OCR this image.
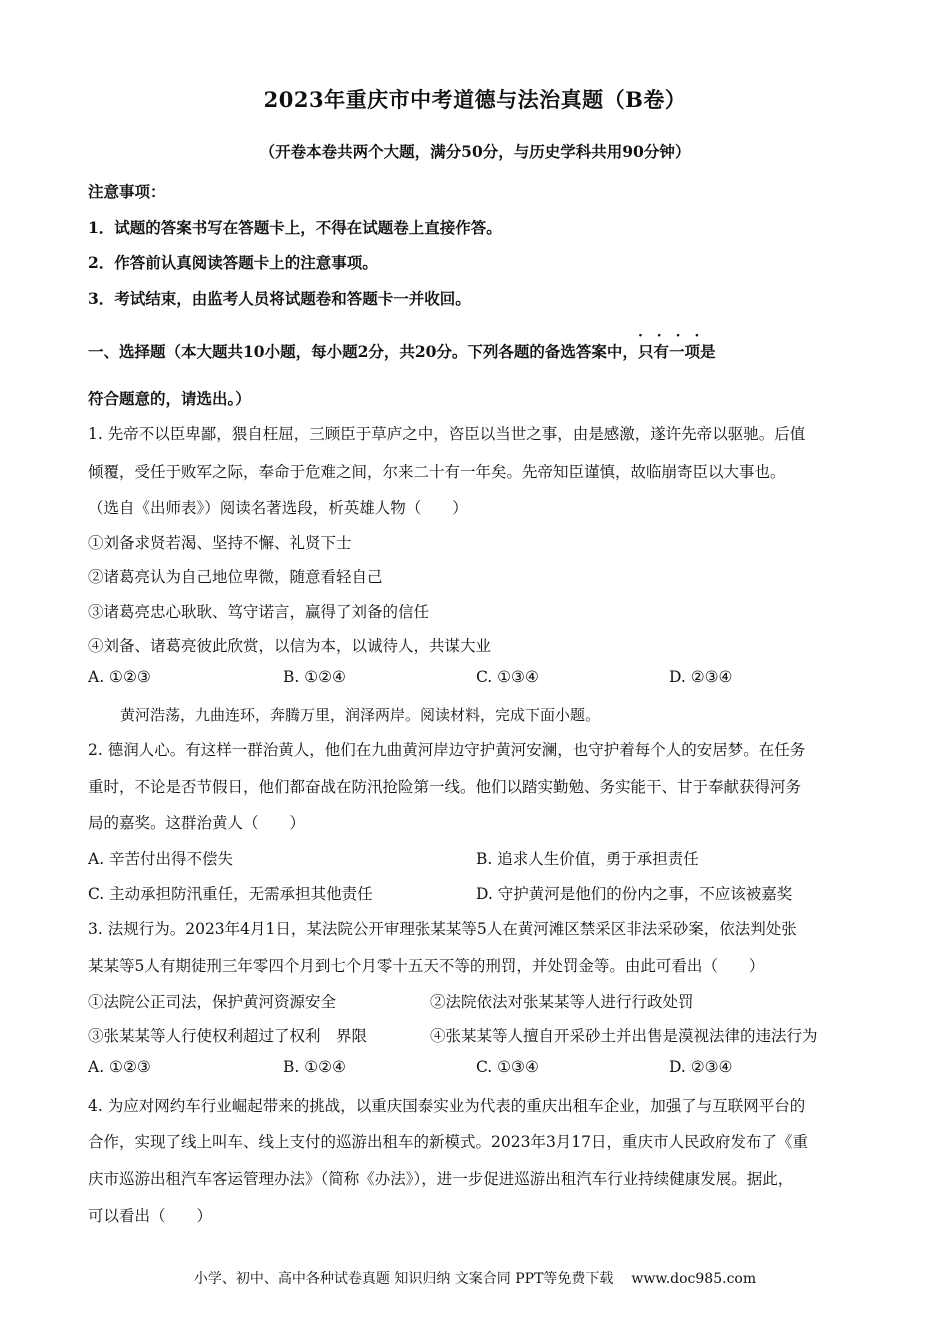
2023年重庆市中考道德与法治真题（B卷）
（开卷本卷共两个大题，满分50分，与历史学科共用90分钟）
注意事项：
1．试题的答案书写在答题卡上，不得在试题卷上直接作答。
2．作答前认真阅读答题卡上的注意事项。
3．考试结束，由监考人员将试题卷和答题卡一并收回。
一、选择题（本大题共10小题，每小题2分，共20分。下列各题的备选答案中，
····
只有一项是
符合题意的，请选出。）
1. 先帝不以臣卑鄙，猥自枉屈，三顾臣于草庐之中，咨臣以当世之事，由是感激，遂许先帝以驱驰。后值
倾覆，受任于败军之际，奉命于危难之间，尔来二十有一年矣。先帝知臣谨慎，故临崩寄臣以大事也。
（选自《出师表》）阅读名著选段，析英雄人物（　　）
①刘备求贤若渴、坚持不懈、礼贤下士
②诸葛亮认为自己地位卑微，随意看轻自己
③诸葛亮忠心耿耿、笃守诺言，赢得了刘备的信任
④刘备、诸葛亮彼此欣赏，以信为本，以诚待人，共谋大业
A. ①②③	B. ①②④	C. ①③④	D. ②③④
黄河浩荡，九曲连环，奔腾万里，润泽两岸。阅读材料，完成下面小题。
2. 德润人心。有这样一群治黄人，他们在九曲黄河岸边守护黄河安澜，也守护着每个人的安居梦。在任务
重时，不论是否节假日，他们都奋战在防汛抢险第一线。他们以踏实勤勉、务实能干、甘于奉献获得河务
局的嘉奖。这群治黄人（　　）
A. 辛苦付出得不偿失	B. 追求人生价值，勇于承担责任
C. 主动承担防汛重任，无需承担其他责任	D. 守护黄河是他们的份内之事，不应该被嘉奖
3. 法规行为。2023年4月1日，某法院公开审理张某某等5人在黄河滩区禁采区非法采砂案，依法判处张
某某等5人有期徒刑三年零四个月到七个月零十五天不等的刑罚，并处罚金等。由此可看出（　　）
①法院公正司法，保护黄河资源安全	②法院依法对张某某等人进行行政处罚
③张某某等人行使权利超过了权利　界限	④张某某等人擅自开采砂土并出售是漠视法律的违法行为
A. ①②③	B. ①②④	C. ①③④	D. ②③④
4. 为应对网约车行业崛起带来的挑战，以重庆国泰实业为代表的重庆出租车企业，加强了与互联网平台的
合作，实现了线上叫车、线上支付的巡游出租车的新模式。2023年3月17日，重庆市人民政府发布了《重
庆市巡游出租汽车客运管理办法》（简称《办法》），进一步促进巡游出租汽车行业持续健康发展。据此，
可以看出（　　）
小学、初中、高中各种试卷真题 知识归纳 文案合同 PPT等免费下载 www.doc985.com
